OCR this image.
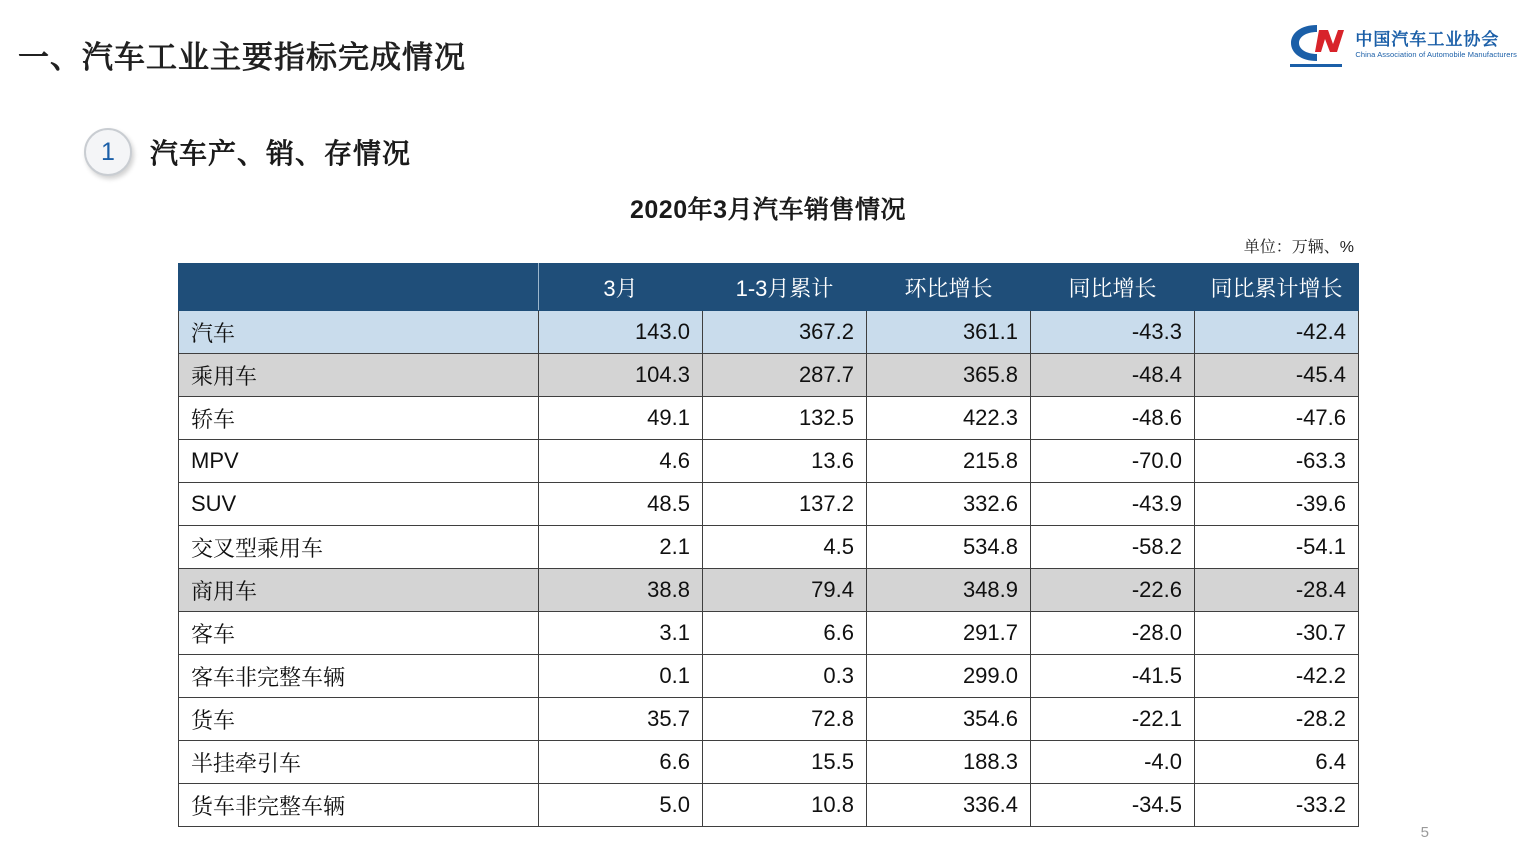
一、汽车工业主要指标完成情况
中国汽车工业协会
China Association of Automobile Manufacturers
1	汽车产、销、存情况
2020年3月汽车销售情况
单位：万辆、%
	3月	1-3月累计	环比增长	同比增长	同比累计增长
汽车	143.0	367.2	361.1	-43.3	-42.4
乘用车	104.3	287.7	365.8	-48.4	-45.4
轿车	49.1	132.5	422.3	-48.6	-47.6
MPV	4.6	13.6	215.8	-70.0	-63.3
SUV	48.5	137.2	332.6	-43.9	-39.6
交叉型乘用车	2.1	4.5	534.8	-58.2	-54.1
商用车	38.8	79.4	348.9	-22.6	-28.4
客车	3.1	6.6	291.7	-28.0	-30.7
客车非完整车辆	0.1	0.3	299.0	-41.5	-42.2
货车	35.7	72.8	354.6	-22.1	-28.2
半挂牵引车	6.6	15.5	188.3	-4.0	6.4
货车非完整车辆	5.0	10.8	336.4	-34.5	-33.2
5
